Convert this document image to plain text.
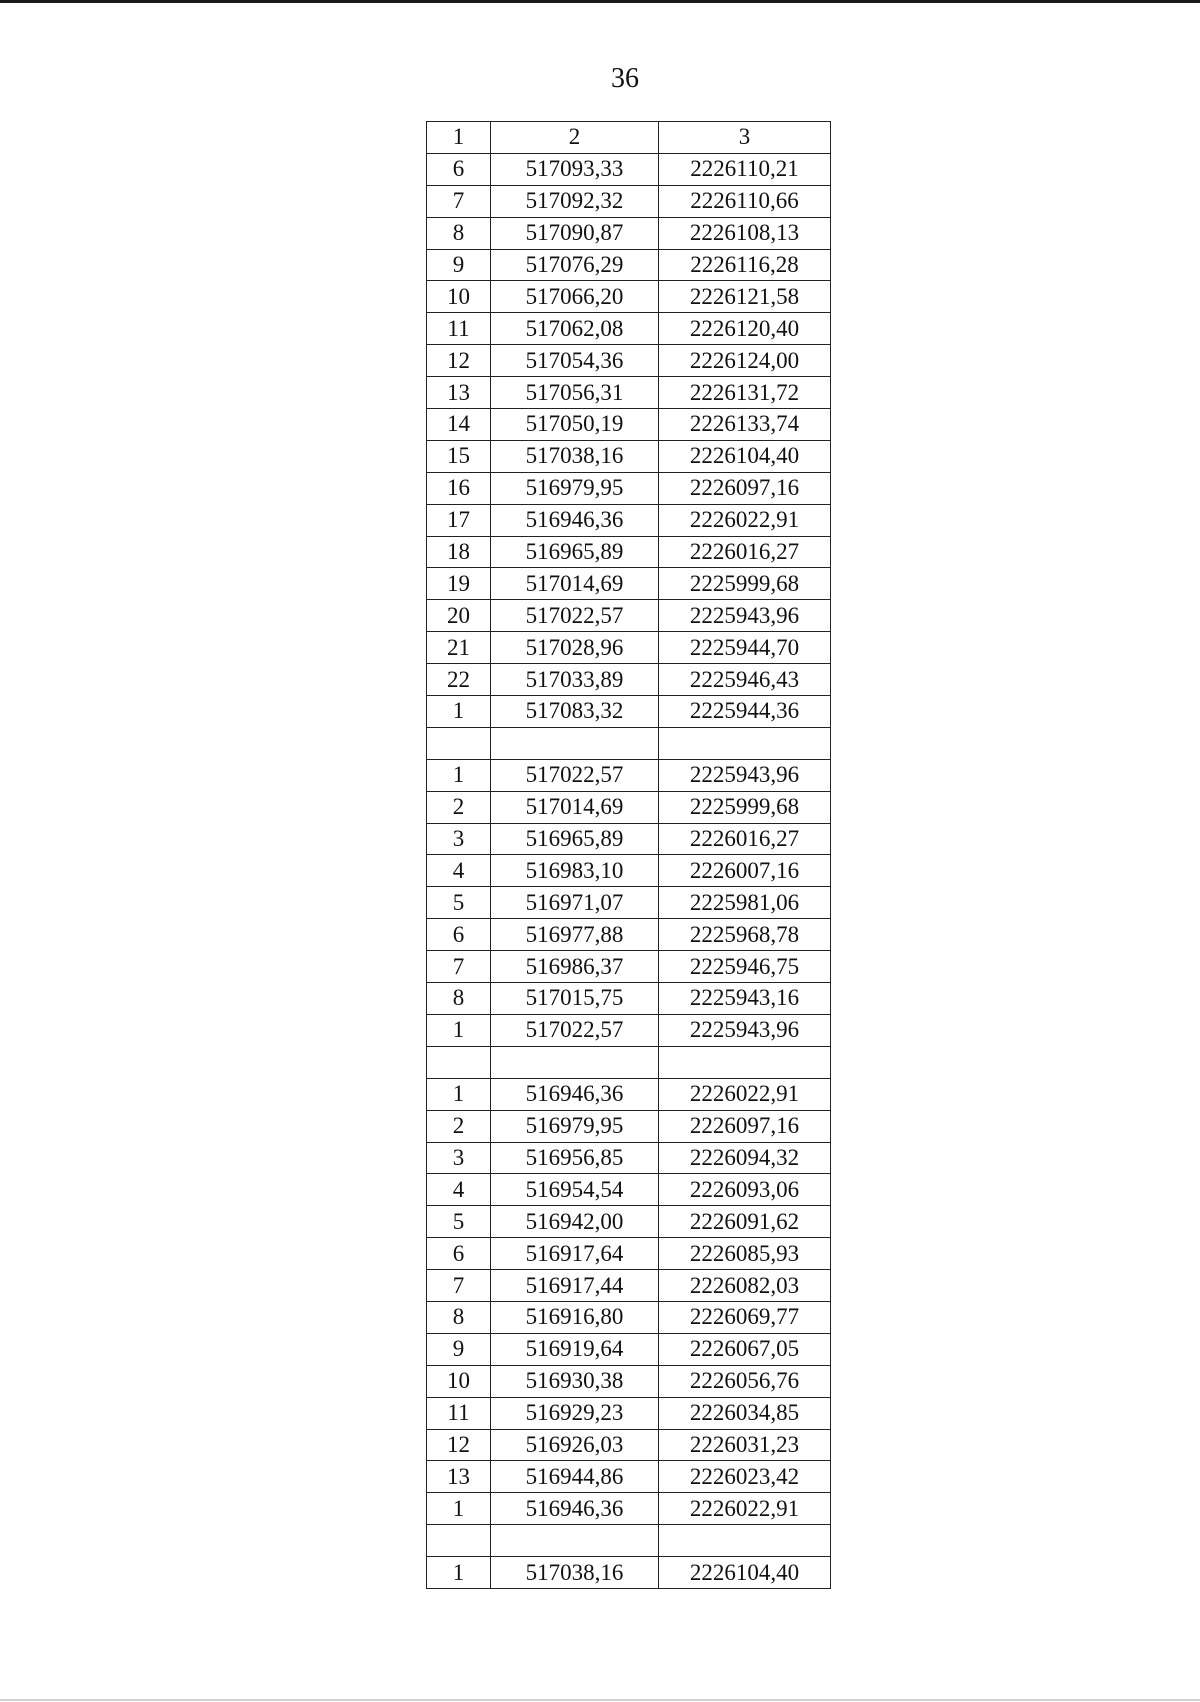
36
1	2	3
6	517093,33	2226110,21
7	517092,32	2226110,66
8	517090,87	2226108,13
9	517076,29	2226116,28
10	517066,20	2226121,58
11	517062,08	2226120,40
12	517054,36	2226124,00
13	517056,31	2226131,72
14	517050,19	2226133,74
15	517038,16	2226104,40
16	516979,95	2226097,16
17	516946,36	2226022,91
18	516965,89	2226016,27
19	517014,69	2225999,68
20	517022,57	2225943,96
21	517028,96	2225944,70
22	517033,89	2225946,43
1	517083,32	2225944,36

1	517022,57	2225943,96
2	517014,69	2225999,68
3	516965,89	2226016,27
4	516983,10	2226007,16
5	516971,07	2225981,06
6	516977,88	2225968,78
7	516986,37	2225946,75
8	517015,75	2225943,16
1	517022,57	2225943,96

1	516946,36	2226022,91
2	516979,95	2226097,16
3	516956,85	2226094,32
4	516954,54	2226093,06
5	516942,00	2226091,62
6	516917,64	2226085,93
7	516917,44	2226082,03
8	516916,80	2226069,77
9	516919,64	2226067,05
10	516930,38	2226056,76
11	516929,23	2226034,85
12	516926,03	2226031,23
13	516944,86	2226023,42
1	516946,36	2226022,91

1	517038,16	2226104,40
